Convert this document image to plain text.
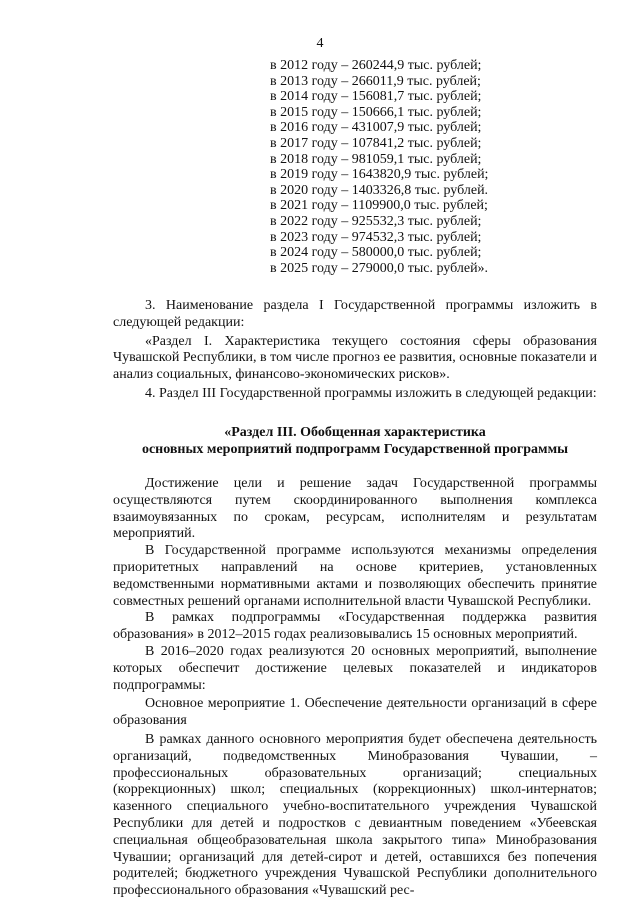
4
в 2012 году – 260244,9 тыс. рублей;
в 2013 году – 266011,9 тыс. рублей;
в 2014 году – 156081,7 тыс. рублей;
в 2015 году – 150666,1 тыс. рублей;
в 2016 году – 431007,9 тыс. рублей;
в 2017 году – 107841,2 тыс. рублей;
в 2018 году – 981059,1 тыс. рублей;
в 2019 году – 1643820,9 тыс. рублей;
в 2020 году – 1403326,8 тыс. рублей.
в 2021 году – 1109900,0 тыс. рублей;
в 2022 году – 925532,3 тыс. рублей;
в 2023 году – 974532,3 тыс. рублей;
в 2024 году – 580000,0 тыс. рублей;
в 2025 году – 279000,0 тыс. рублей».

3. Наименование раздела I Государственной программы изложить в следующей редакции:

«Раздел I. Характеристика текущего состояния сферы образования Чувашской Республики, в том числе прогноз ее развития, основные показатели и анализ социальных, финансово-экономических рисков».

4. Раздел III Государственной программы изложить в следующей редакции:

«Раздел III. Обобщенная характеристика
основных мероприятий подпрограмм Государственной программы

Достижение цели и решение задач Государственной программы осуществляются путем скоординированного выполнения комплекса взаимоувязанных по срокам, ресурсам, исполнителям и результатам мероприятий.

В Государственной программе используются механизмы определения приоритетных направлений на основе критериев, установленных ведомственными нормативными актами и позволяющих обеспечить принятие совместных решений органами исполнительной власти Чувашской Республики.

В рамках подпрограммы «Государственная поддержка развития образования» в 2012–2015 годах реализовывались 15 основных мероприятий.

В 2016–2020 годах реализуются 20 основных мероприятий, выполнение которых обеспечит достижение целевых показателей и индикаторов подпрограммы:

Основное мероприятие 1. Обеспечение деятельности организаций в сфере образования

В рамках данного основного мероприятия будет обеспечена деятельность организаций, подведомственных Минобразования Чувашии, – профессиональных образовательных организаций; специальных (коррекционных) школ; специальных (коррекционных) школ-интернатов; казенного специального учебно-воспитательного учреждения Чувашской Республики для детей и подростков с девиантным поведением «Убеевская специальная общеобразовательная школа закрытого типа» Минобразования Чувашии; организаций для детей-сирот и детей, оставшихся без попечения родителей; бюджетного учреждения Чувашской Республики дополнительного профессионального образования «Чувашский рес-
